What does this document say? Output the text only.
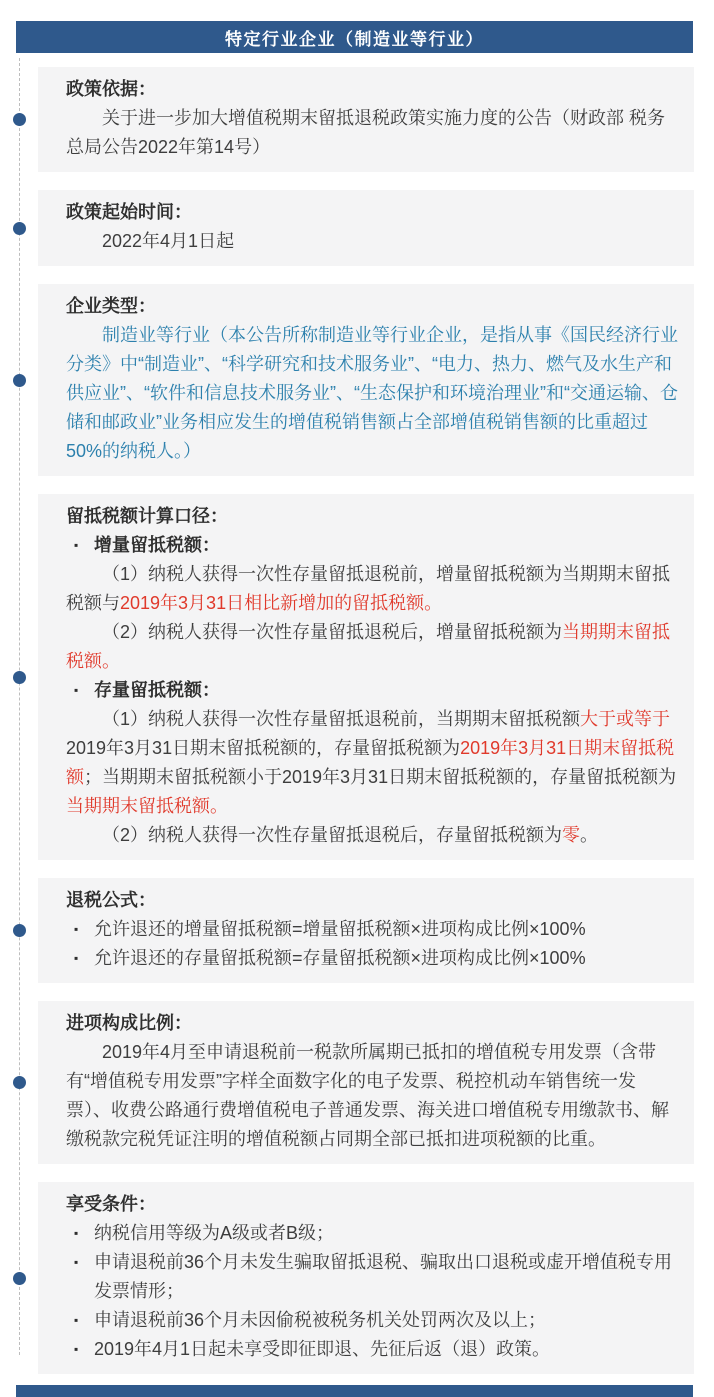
特定行业企业（制造业等行业）
政策依据：

关于进一步加大增值税期末留抵退税政策实施力度的公告（财政部 税务总局公告2022年第14号）

政策起始时间：

2022年4月1日起

企业类型：

制造业等行业（本公告所称制造业等行业企业，是指从事《国民经济行业分类》中“制造业”、“科学研究和技术服务业”、“电力、热力、燃气及水生产和供应业”、“软件和信息技术服务业”、“生态保护和环境治理业”和“交通运输、仓储和邮政业”业务相应发生的增值税销售额占全部增值税销售额的比重超过50%的纳税人。）

留抵税额计算口径：
▪ 增量留抵税额：

（1）纳税人获得一次性存量留抵退税前，增量留抵税额为当期期末留抵税额与2019年3月31日相比新增加的留抵税额。

（2）纳税人获得一次性存量留抵退税后，增量留抵税额为当期期末留抵税额。

▪ 存量留抵税额：

（1）纳税人获得一次性存量留抵退税前，当期期末留抵税额大于或等于2019年3月31日期末留抵税额的，存量留抵税额为2019年3月31日期末留抵税额；当期期末留抵税额小于2019年3月31日期末留抵税额的，存量留抵税额为当期期末留抵税额。

（2）纳税人获得一次性存量留抵退税后，存量留抵税额为零。

退税公式：
▪ 允许退还的增量留抵税额=增量留抵税额×进项构成比例×100%
▪ 允许退还的存量留抵税额=存量留抵税额×进项构成比例×100%
进项构成比例：

2019年4月至申请退税前一税款所属期已抵扣的增值税专用发票（含带有“增值税专用发票”字样全面数字化的电子发票、税控机动车销售统一发票）、收费公路通行费增值税电子普通发票、海关进口增值税专用缴款书、解缴税款完税凭证注明的增值税额占同期全部已抵扣进项税额的比重。

享受条件：
▪ 纳税信用等级为A级或者B级；
▪ 申请退税前36个月未发生骗取留抵退税、骗取出口退税或虚开增值税专用发票情形；
▪ 申请退税前36个月未因偷税被税务机关处罚两次及以上；
▪ 2019年4月1日起未享受即征即退、先征后返（退）政策。
